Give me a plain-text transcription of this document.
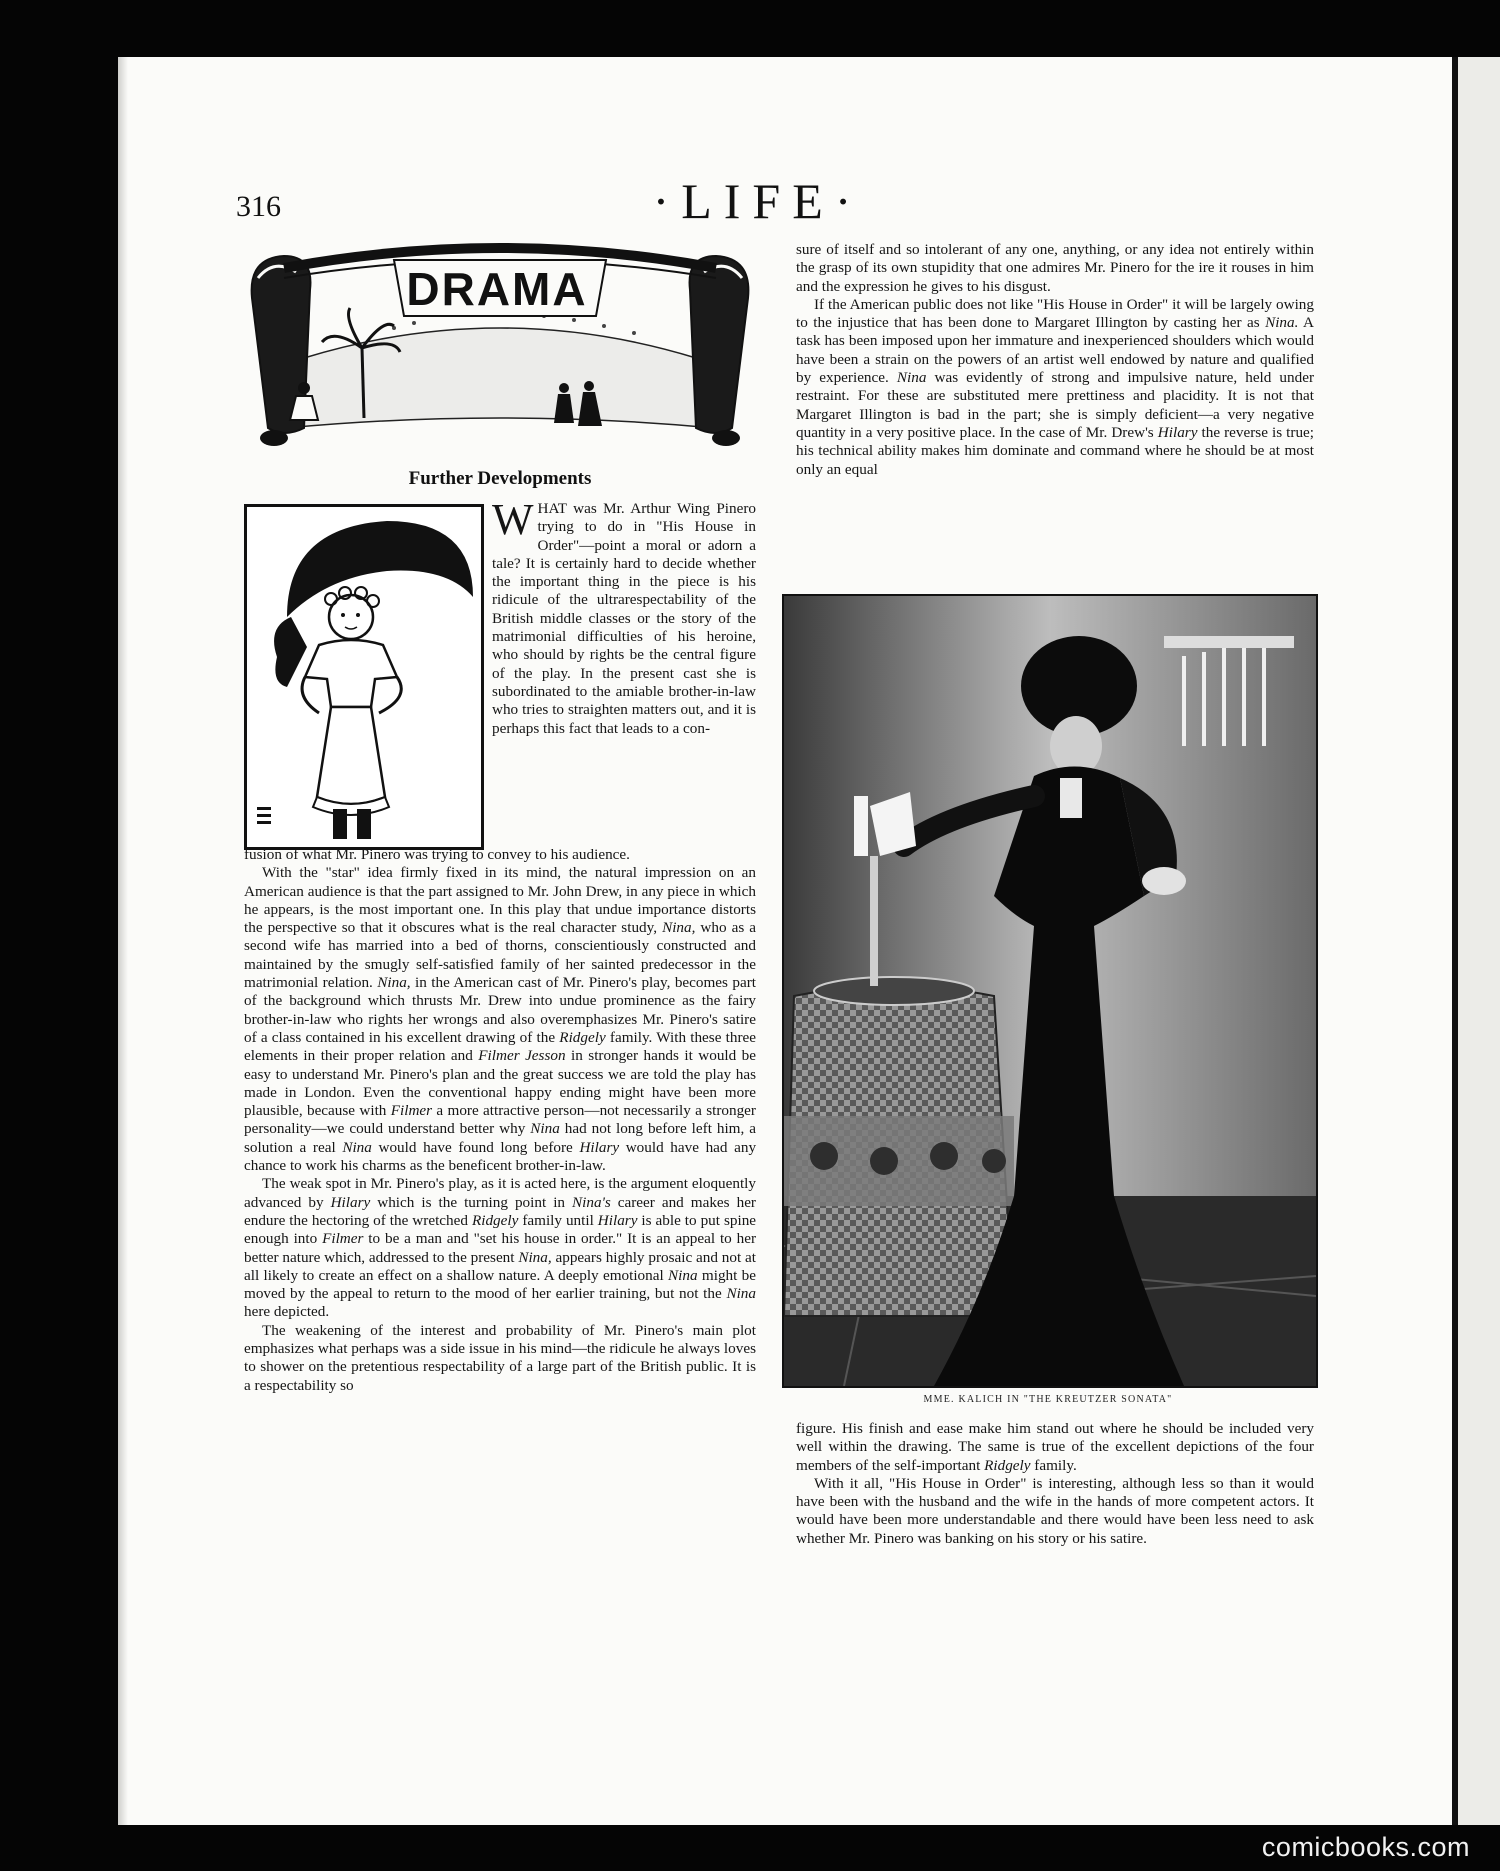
316	·LIFE·
DRAMA
Further Developments

WHAT was Mr. Arthur Wing Pinero trying to do in "His House in Order"—point a moral or adorn a tale? It is certainly hard to decide whether the important thing in the piece is his ridicule of the ultrarespectability of the British middle classes or the story of the matrimonial difficulties of his heroine, who should by rights be the central figure of the play. In the present cast she is subordinated to the amiable brother-in-law who tries to straighten matters out, and it is perhaps this fact that leads to a con-

fusion of what Mr. Pinero was trying to convey to his audience.

With the "star" idea firmly fixed in its mind, the natural impression on an American audience is that the part assigned to Mr. John Drew, in any piece in which he appears, is the most important one. In this play that undue importance distorts the perspective so that it obscures what is the real character study, Nina, who as a second wife has married into a bed of thorns, conscientiously constructed and maintained by the smugly self-satisfied family of her sainted predecessor in the matrimonial relation. Nina, in the American cast of Mr. Pinero's play, becomes part of the background which thrusts Mr. Drew into undue prominence as the fairy brother-in-law who rights her wrongs and also overemphasizes Mr. Pinero's satire of a class contained in his excellent drawing of the Ridgely family. With these three elements in their proper relation and Filmer Jesson in stronger hands it would be easy to understand Mr. Pinero's plan and the great success we are told the play has made in London. Even the conventional happy ending might have been more plausible, because with Filmer a more attractive person—not necessarily a stronger personality—we could understand better why Nina had not long before left him, a solution a real Nina would have found long before Hilary would have had any chance to work his charms as the beneficent brother-in-law.

The weak spot in Mr. Pinero's play, as it is acted here, is the argument eloquently advanced by Hilary which is the turning point in Nina's career and makes her endure the hectoring of the wretched Ridgely family until Hilary is able to put spine enough into Filmer to be a man and "set his house in order." It is an appeal to her better nature which, addressed to the present Nina, appears highly prosaic and not at all likely to create an effect on a shallow nature. A deeply emotional Nina might be moved by the appeal to return to the mood of her earlier training, but not the Nina here depicted.

The weakening of the interest and probability of Mr. Pinero's main plot emphasizes what perhaps was a side issue in his mind—the ridicule he always loves to shower on the pretentious respectability of a large part of the British public. It is a respectability so

sure of itself and so intolerant of any one, anything, or any idea not entirely within the grasp of its own stupidity that one admires Mr. Pinero for the ire it rouses in him and the expression he gives to his disgust.

If the American public does not like "His House in Order" it will be largely owing to the injustice that has been done to Margaret Illington by casting her as Nina. A task has been imposed upon her immature and inexperienced shoulders which would have been a strain on the powers of an artist well endowed by nature and qualified by experience. Nina was evidently of strong and impulsive nature, held under restraint. For these are substituted mere prettiness and placidity. It is not that Margaret Illington is bad in the part; she is simply deficient—a very negative quantity in a very positive place. In the case of Mr. Drew's Hilary the reverse is true; his technical ability makes him dominate and command where he should be at most only an equal

MME. KALICH IN "THE KREUTZER SONATA"

figure. His finish and ease make him stand out where he should be included very well within the drawing. The same is true of the excellent depictions of the four members of the self-important Ridgely family.

With it all, "His House in Order" is interesting, although less so than it would have been with the husband and the wife in the hands of more competent actors. It would have been more understandable and there would have been less need to ask whether Mr. Pinero was banking on his story or his satire.

comicbooks.com
